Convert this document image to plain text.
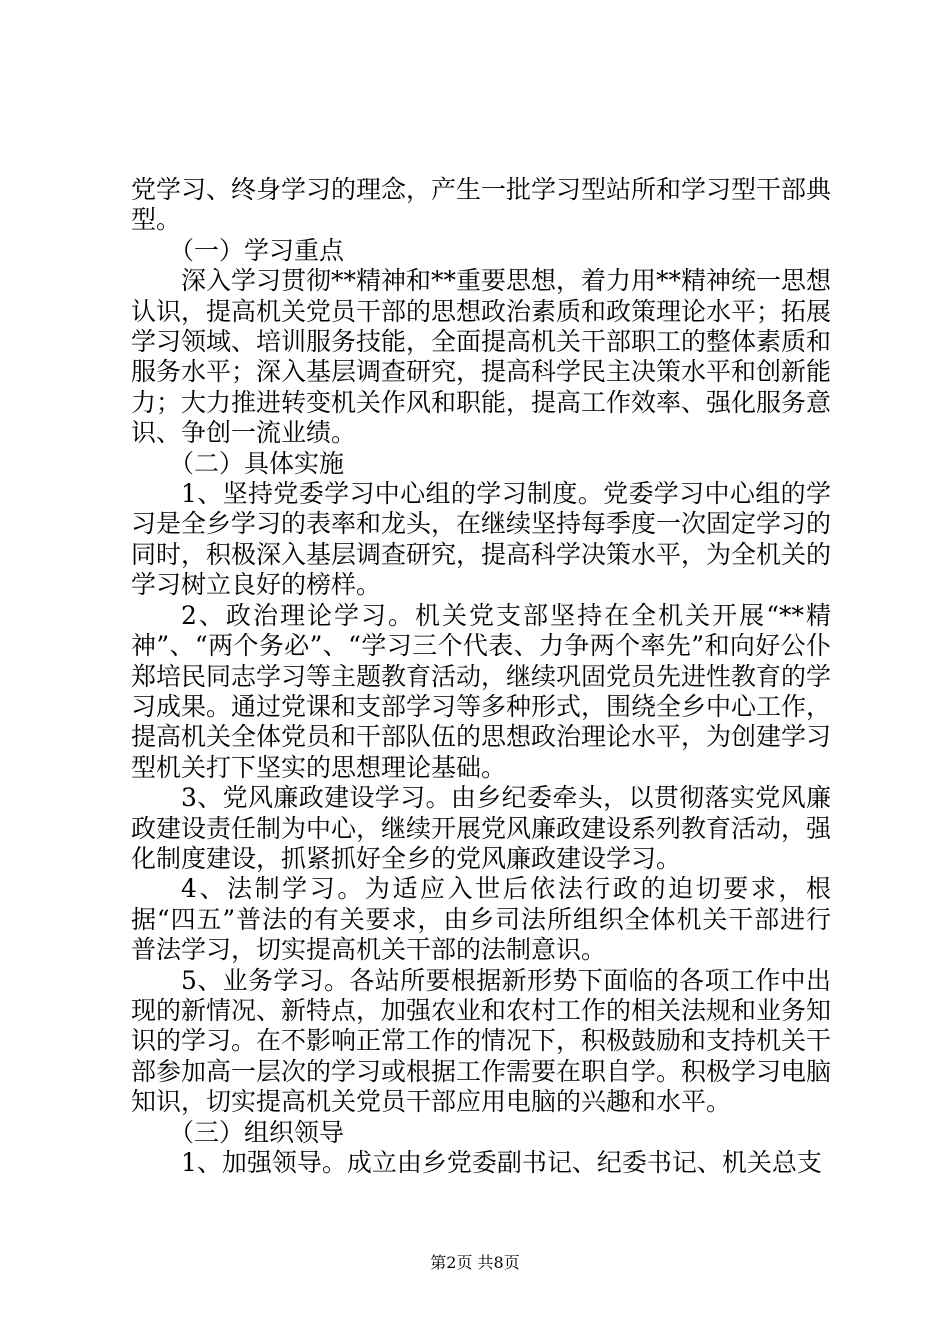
党学习、终身学习的理念，产生一批学习型站所和学习型干部典型。

（一）学习重点

深入学习贯彻**精神和**重要思想，着力用**精神统一思想认识，提高机关党员干部的思想政治素质和政策理论水平；拓展学习领域、培训服务技能，全面提高机关干部职工的整体素质和服务水平；深入基层调查研究，提高科学民主决策水平和创新能力；大力推进转变机关作风和职能，提高工作效率、强化服务意识、争创一流业绩。

（二）具体实施

1、坚持党委学习中心组的学习制度。党委学习中心组的学习是全乡学习的表率和龙头，在继续坚持每季度一次固定学习的同时，积极深入基层调查研究，提高科学决策水平，为全机关的学习树立良好的榜样。

2、政治理论学习。机关党支部坚持在全机关开展“**精神”、“两个务必”、“学习三个代表、力争两个率先”和向好公仆郑培民同志学习等主题教育活动，继续巩固党员先进性教育的学习成果。通过党课和支部学习等多种形式，围绕全乡中心工作，提高机关全体党员和干部队伍的思想政治理论水平，为创建学习型机关打下坚实的思想理论基础。

3、党风廉政建设学习。由乡纪委牵头，以贯彻落实党风廉政建设责任制为中心，继续开展党风廉政建设系列教育活动，强化制度建设，抓紧抓好全乡的党风廉政建设学习。

4、法制学习。为适应入世后依法行政的迫切要求，根据“四五”普法的有关要求，由乡司法所组织全体机关干部进行普法学习，切实提高机关干部的法制意识。

5、业务学习。各站所要根据新形势下面临的各项工作中出现的新情况、新特点，加强农业和农村工作的相关法规和业务知识的学习。在不影响正常工作的情况下，积极鼓励和支持机关干部参加高一层次的学习或根据工作需要在职自学。积极学习电脑知识，切实提高机关党员干部应用电脑的兴趣和水平。

（三）组织领导

1、加强领导。成立由乡党委副书记、纪委书记、机关总支

第2页 共8页
